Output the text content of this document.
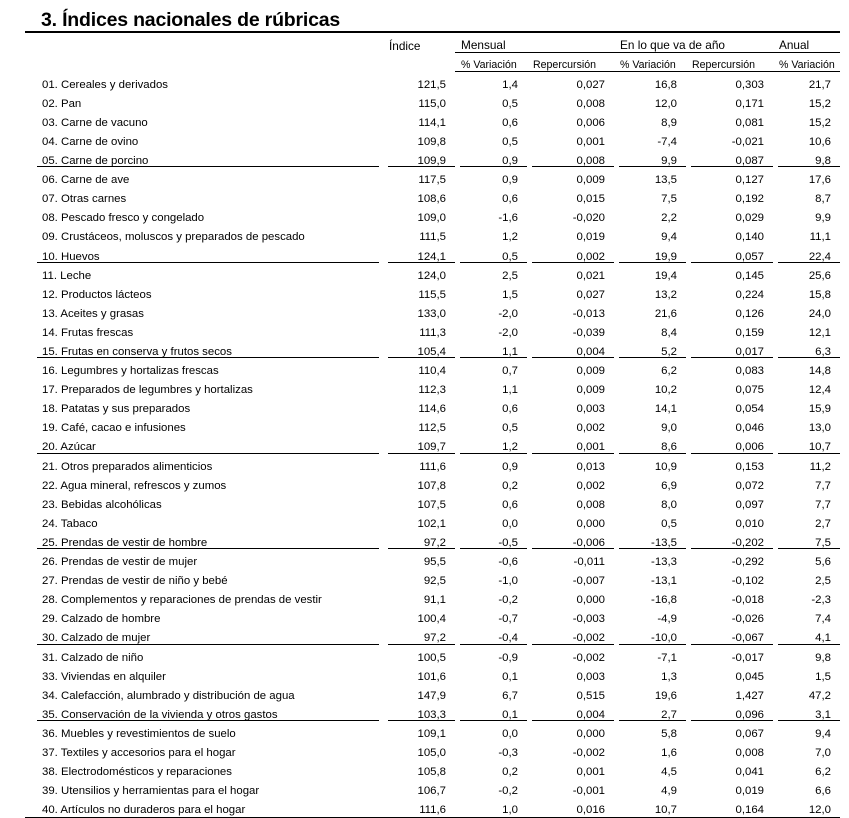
3. Índices nacionales de rúbricas

	Índice	Mensual		En lo que va de año		Anual
		% Variación	Repercursión	% Variación	Repercursión	% Variación
01. Cereales y derivados	121,5	1,4	0,027	16,8	0,303	21,7
02. Pan	115,0	0,5	0,008	12,0	0,171	15,2
03. Carne de vacuno	114,1	0,6	0,006	8,9	0,081	15,2
04. Carne de ovino	109,8	0,5	0,001	-7,4	-0,021	10,6
05. Carne de porcino	109,9	0,9	0,008	9,9	0,087	9,8
06. Carne de ave	117,5	0,9	0,009	13,5	0,127	17,6
07. Otras carnes	108,6	0,6	0,015	7,5	0,192	8,7
08. Pescado fresco y congelado	109,0	-1,6	-0,020	2,2	0,029	9,9
09. Crustáceos, moluscos y preparados de pescado	111,5	1,2	0,019	9,4	0,140	11,1
10. Huevos	124,1	0,5	0,002	19,9	0,057	22,4
11. Leche	124,0	2,5	0,021	19,4	0,145	25,6
12. Productos lácteos	115,5	1,5	0,027	13,2	0,224	15,8
13. Aceites y grasas	133,0	-2,0	-0,013	21,6	0,126	24,0
14. Frutas frescas	111,3	-2,0	-0,039	8,4	0,159	12,1
15. Frutas en conserva y frutos secos	105,4	1,1	0,004	5,2	0,017	6,3
16. Legumbres y hortalizas frescas	110,4	0,7	0,009	6,2	0,083	14,8
17. Preparados de legumbres y hortalizas	112,3	1,1	0,009	10,2	0,075	12,4
18. Patatas y sus preparados	114,6	0,6	0,003	14,1	0,054	15,9
19. Café, cacao e infusiones	112,5	0,5	0,002	9,0	0,046	13,0
20. Azúcar	109,7	1,2	0,001	8,6	0,006	10,7
21. Otros preparados alimenticios	111,6	0,9	0,013	10,9	0,153	11,2
22. Agua mineral, refrescos y zumos	107,8	0,2	0,002	6,9	0,072	7,7
23. Bebidas alcohólicas	107,5	0,6	0,008	8,0	0,097	7,7
24. Tabaco	102,1	0,0	0,000	0,5	0,010	2,7
25. Prendas de vestir de hombre	97,2	-0,5	-0,006	-13,5	-0,202	7,5
26. Prendas de vestir de mujer	95,5	-0,6	-0,011	-13,3	-0,292	5,6
27. Prendas de vestir de niño y bebé	92,5	-1,0	-0,007	-13,1	-0,102	2,5
28. Complementos y reparaciones de prendas de vestir	91,1	-0,2	0,000	-16,8	-0,018	-2,3
29. Calzado de hombre	100,4	-0,7	-0,003	-4,9	-0,026	7,4
30. Calzado de mujer	97,2	-0,4	-0,002	-10,0	-0,067	4,1
31. Calzado de niño	100,5	-0,9	-0,002	-7,1	-0,017	9,8
33. Viviendas en alquiler	101,6	0,1	0,003	1,3	0,045	1,5
34. Calefacción, alumbrado y distribución de agua	147,9	6,7	0,515	19,6	1,427	47,2
35. Conservación de la vivienda y otros gastos	103,3	0,1	0,004	2,7	0,096	3,1
36. Muebles y revestimientos de suelo	109,1	0,0	0,000	5,8	0,067	9,4
37. Textiles y accesorios para el hogar	105,0	-0,3	-0,002	1,6	0,008	7,0
38. Electrodomésticos y reparaciones	105,8	0,2	0,001	4,5	0,041	6,2
39. Utensilios y herramientas para el hogar	106,7	-0,2	-0,001	4,9	0,019	6,6
40. Artículos no duraderos para el hogar	111,6	1,0	0,016	10,7	0,164	12,0
